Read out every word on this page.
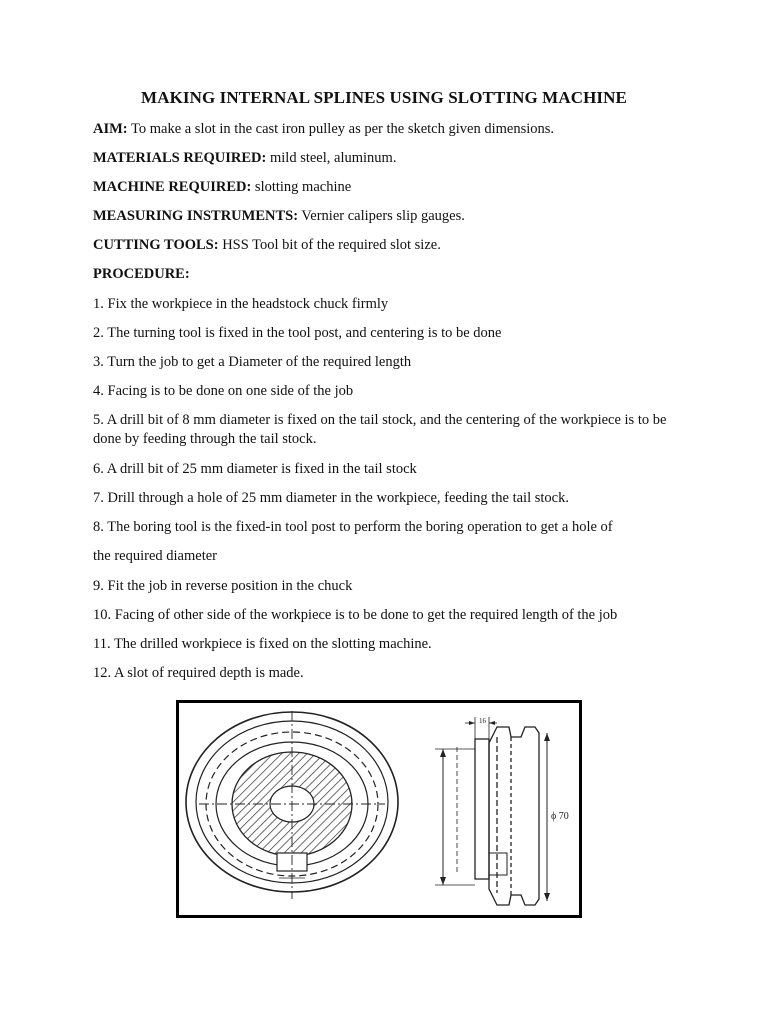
MAKING INTERNAL SPLINES USING SLOTTING MACHINE
AIM: To make a slot in the cast iron pulley as per the sketch given dimensions.
MATERIALS REQUIRED: mild steel, aluminum.
MACHINE REQUIRED: slotting machine
MEASURING INSTRUMENTS: Vernier calipers slip gauges.
CUTTING TOOLS: HSS Tool bit of the required slot size.
PROCEDURE:
1. Fix the workpiece in the headstock chuck firmly
2. The turning tool is fixed in the tool post, and centering is to be done
3. Turn the job to get a Diameter of the required length
4. Facing is to be done on one side of the job
5. A drill bit of 8 mm diameter is fixed on the tail stock, and the centering of the workpiece is to be done by feeding through the tail stock.
6. A drill bit of 25 mm diameter is fixed in the tail stock
7. Drill through a hole of 25 mm diameter in the workpiece, feeding the tail stock.
8. The boring tool is the fixed-in tool post to perform the boring operation to get a hole of
the required diameter
9. Fit the job in reverse position in the chuck
10. Facing of other side of the workpiece is to be done to get the required length of the job
11. The drilled workpiece is fixed on the slotting machine.
12. A slot of required depth is made.
16
ϕ 70
